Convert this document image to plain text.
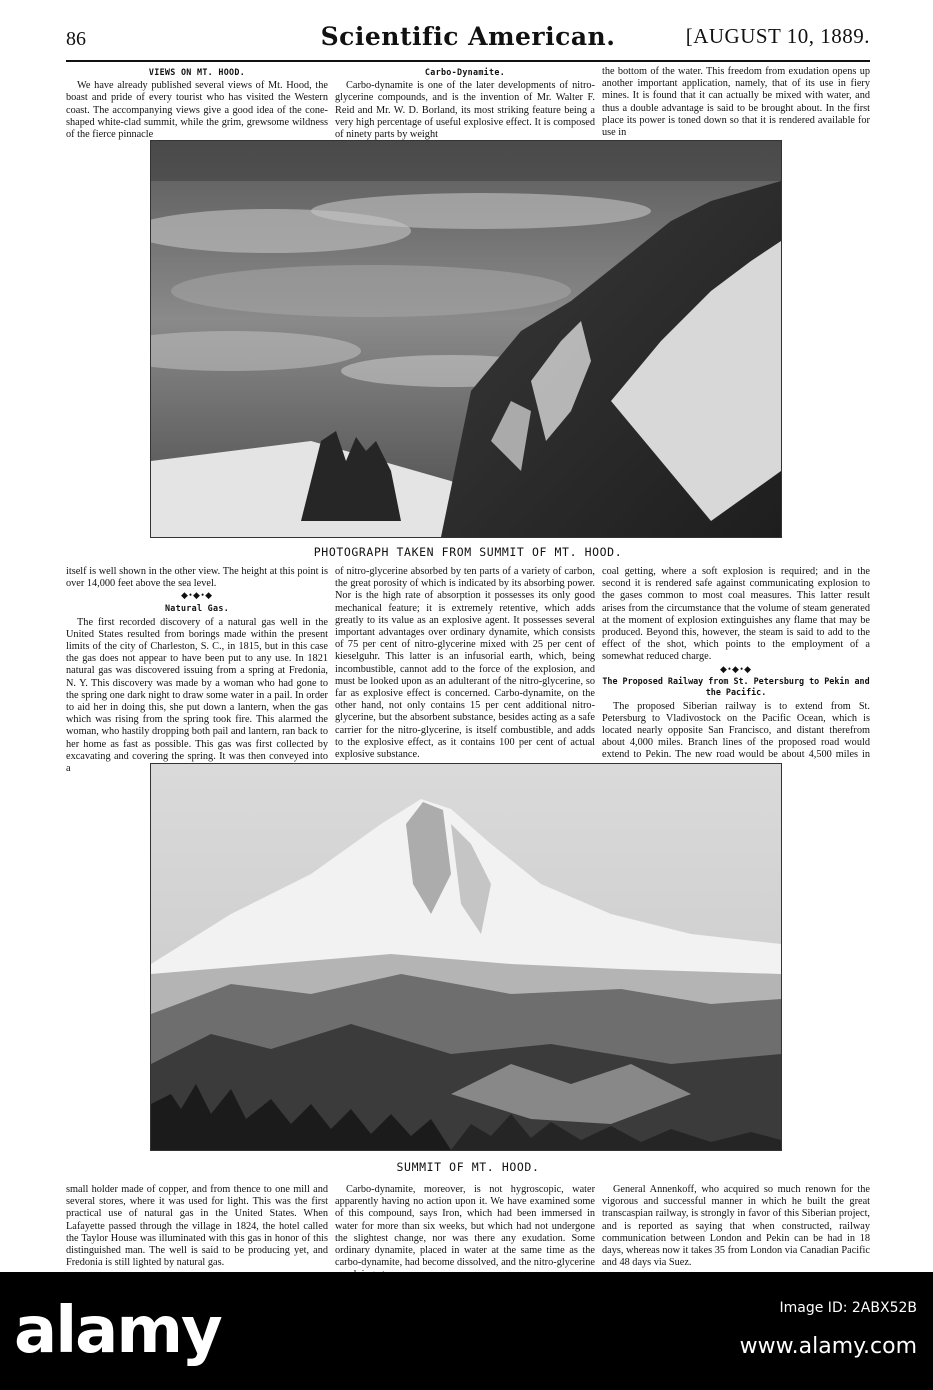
86	Scientific American.	[AUGUST 10, 1889.
VIEWS ON MT. HOOD.

We have already published several views of Mt. Hood, the boast and pride of every tourist who has visited the Western coast. The accompanying views give a good idea of the cone-shaped white-clad summit, while the grim, grewsome wildness of the fierce pinnacle

Carbo-Dynamite.

Carbo-dynamite is one of the later developments of nitro-glycerine compounds, and is the invention of Mr. Walter F. Reid and Mr. W. D. Borland, its most striking feature being a very high percentage of useful explosive effect. It is composed of ninety parts by weight

the bottom of the water. This freedom from exudation opens up another important application, namely, that of its use in fiery mines. It is found that it can actually be mixed with water, and thus a double advantage is said to be brought about. In the first place its power is toned down so that it is rendered available for use in

PHOTOGRAPH TAKEN FROM SUMMIT OF MT. HOOD.

itself is well shown in the other view. The height at this point is over 14,000 feet above the sea level.

◆•◆•◆
Natural Gas.

The first recorded discovery of a natural gas well in the United States resulted from borings made within the present limits of the city of Charleston, S. C., in 1815, but in this case the gas does not appear to have been put to any use. In 1821 natural gas was discovered issuing from a spring at Fredonia, N. Y. This discovery was made by a woman who had gone to the spring one dark night to draw some water in a pail. In order to aid her in doing this, she put down a lantern, when the gas which was rising from the spring took fire. This alarmed the woman, who hastily dropping both pail and lantern, ran back to her home as fast as possible. This gas was first collected by excavating and covering the spring. It was then conveyed into a

of nitro-glycerine absorbed by ten parts of a variety of carbon, the great porosity of which is indicated by its absorbing power. Nor is the high rate of absorption it possesses its only good mechanical feature; it is extremely retentive, which adds greatly to its value as an explosive agent. It possesses several important advantages over ordinary dynamite, which consists of 75 per cent of nitro-glycerine mixed with 25 per cent of kieselguhr. This latter is an infusorial earth, which, being incombustible, cannot add to the force of the explosion, and must be looked upon as an adulterant of the nitro-glycerine, so far as explosive effect is concerned. Carbo-dynamite, on the other hand, not only contains 15 per cent additional nitro-glycerine, but the absorbent substance, besides acting as a safe carrier for the nitro-glycerine, is itself combustible, and adds to the explosive effect, as it contains 100 per cent of actual explosive substance.

coal getting, where a soft explosion is required; and in the second it is rendered safe against communicating explosion to the gases common to most coal measures. This latter result arises from the circumstance that the volume of steam generated at the moment of explosion extinguishes any flame that may be produced. Beyond this, however, the steam is said to add to the effect of the shot, which points to the employment of a somewhat reduced charge.

◆•◆•◆
The Proposed Railway from St. Petersburg to Pekin and the Pacific.

The proposed Siberian railway is to extend from St. Petersburg to Vladivostock on the Pacific Ocean, which is located nearly opposite San Francisco, and distant therefrom about 4,000 miles. Branch lines of the proposed road would extend to Pekin. The new road would be about 4,500 miles in

SUMMIT OF MT. HOOD.

small holder made of copper, and from thence to one mill and several stores, where it was used for light. This was the first practical use of natural gas in the United States. When Lafayette passed through the village in 1824, the hotel called the Taylor House was illuminated with this gas in honor of this distinguished man. The well is said to be producing yet, and Fredonia is still lighted by natural gas.

Carbo-dynamite, moreover, is not hygroscopic, water apparently having no action upon it. We have examined some of this compound, says Iron, which had been immersed in water for more than six weeks, but which had not undergone the slightest change, nor was there any exudation. Some ordinary dynamite, placed in water at the same time as the carbo-dynamite, had become dissolved, and the nitro-glycerine

General Annenkoff, who acquired so much renown for the vigorous and successful manner in which he built the great transcaspian railway, is strongly in favor of this Siberian project, and is reported as saying that when constructed, railway communication between London and Pekin can be had in 18 days, whereas now it takes 35 from London via Canadian Pacific and 48 days via Suez.

alamy	Image ID: 2ABX52B
www.alamy.com
